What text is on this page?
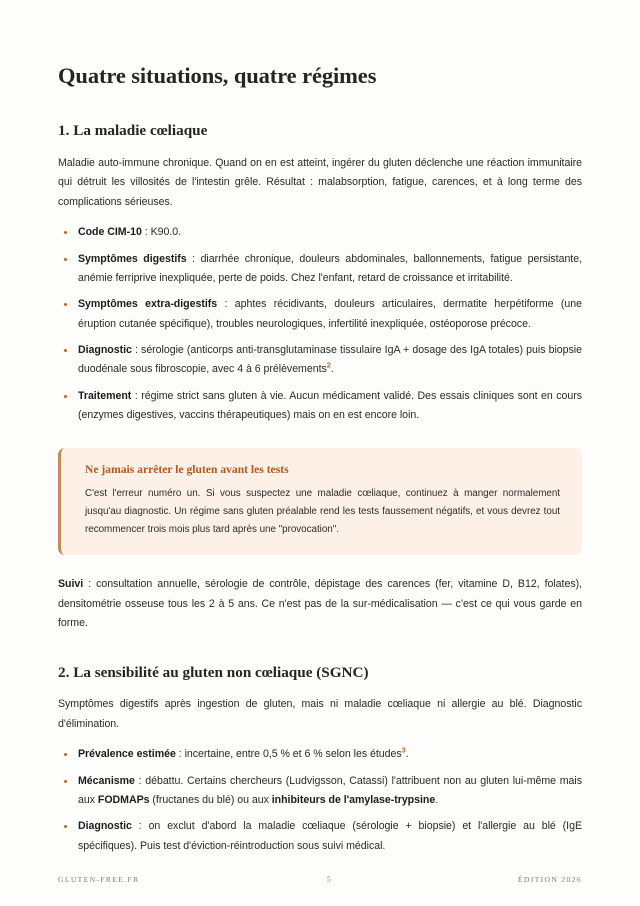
Quatre situations, quatre régimes
1. La maladie cœliaque

Maladie auto-immune chronique. Quand on en est atteint, ingérer du gluten déclenche une réaction immunitaire qui détruit les villosités de l'intestin grêle. Résultat : malabsorption, fatigue, carences, et à long terme des complications sérieuses.

Code CIM-10 : K90.0.
Symptômes digestifs : diarrhée chronique, douleurs abdominales, ballonnements, fatigue persistante, anémie ferriprive inexpliquée, perte de poids. Chez l'enfant, retard de croissance et irritabilité.
Symptômes extra-digestifs : aphtes récidivants, douleurs articulaires, dermatite herpétiforme (une éruption cutanée spécifique), troubles neurologiques, infertilité inexpliquée, ostéoporose précoce.
Diagnostic : sérologie (anticorps anti-transglutaminase tissulaire IgA + dosage des IgA totales) puis biopsie duodénale sous fibroscopie, avec 4 à 6 prélèvements$^2$.
Traitement : régime strict sans gluten à vie. Aucun médicament validé. Des essais cliniques sont en cours (enzymes digestives, vaccins thérapeutiques) mais on en est encore loin.
Ne jamais arrêter le gluten avant les tests

C'est l'erreur numéro un. Si vous suspectez une maladie cœliaque, continuez à manger normalement jusqu'au diagnostic. Un régime sans gluten préalable rend les tests faussement négatifs, et vous devrez tout recommencer trois mois plus tard après une "provocation".

Suivi : consultation annuelle, sérologie de contrôle, dépistage des carences (fer, vitamine D, B12, folates), densitométrie osseuse tous les 2 à 5 ans. Ce n'est pas de la sur-médicalisation — c'est ce qui vous garde en forme.

2. La sensibilité au gluten non cœliaque (SGNC)

Symptômes digestifs après ingestion de gluten, mais ni maladie cœliaque ni allergie au blé. Diagnostic d'élimination.

Prévalence estimée : incertaine, entre 0,5 % et 6 % selon les études$^3$.
Mécanisme : débattu. Certains chercheurs (Ludvigsson, Catassi) l'attribuent non au gluten lui-même mais aux FODMAPs (fructanes du blé) ou aux inhibiteurs de l'amylase-trypsine.
Diagnostic : on exclut d'abord la maladie cœliaque (sérologie + biopsie) et l'allergie au blé (IgE spécifiques). Puis test d'éviction-réintroduction sous suivi médical.
GLUTEN-FREE.FR	5	ÉDITION 2026
